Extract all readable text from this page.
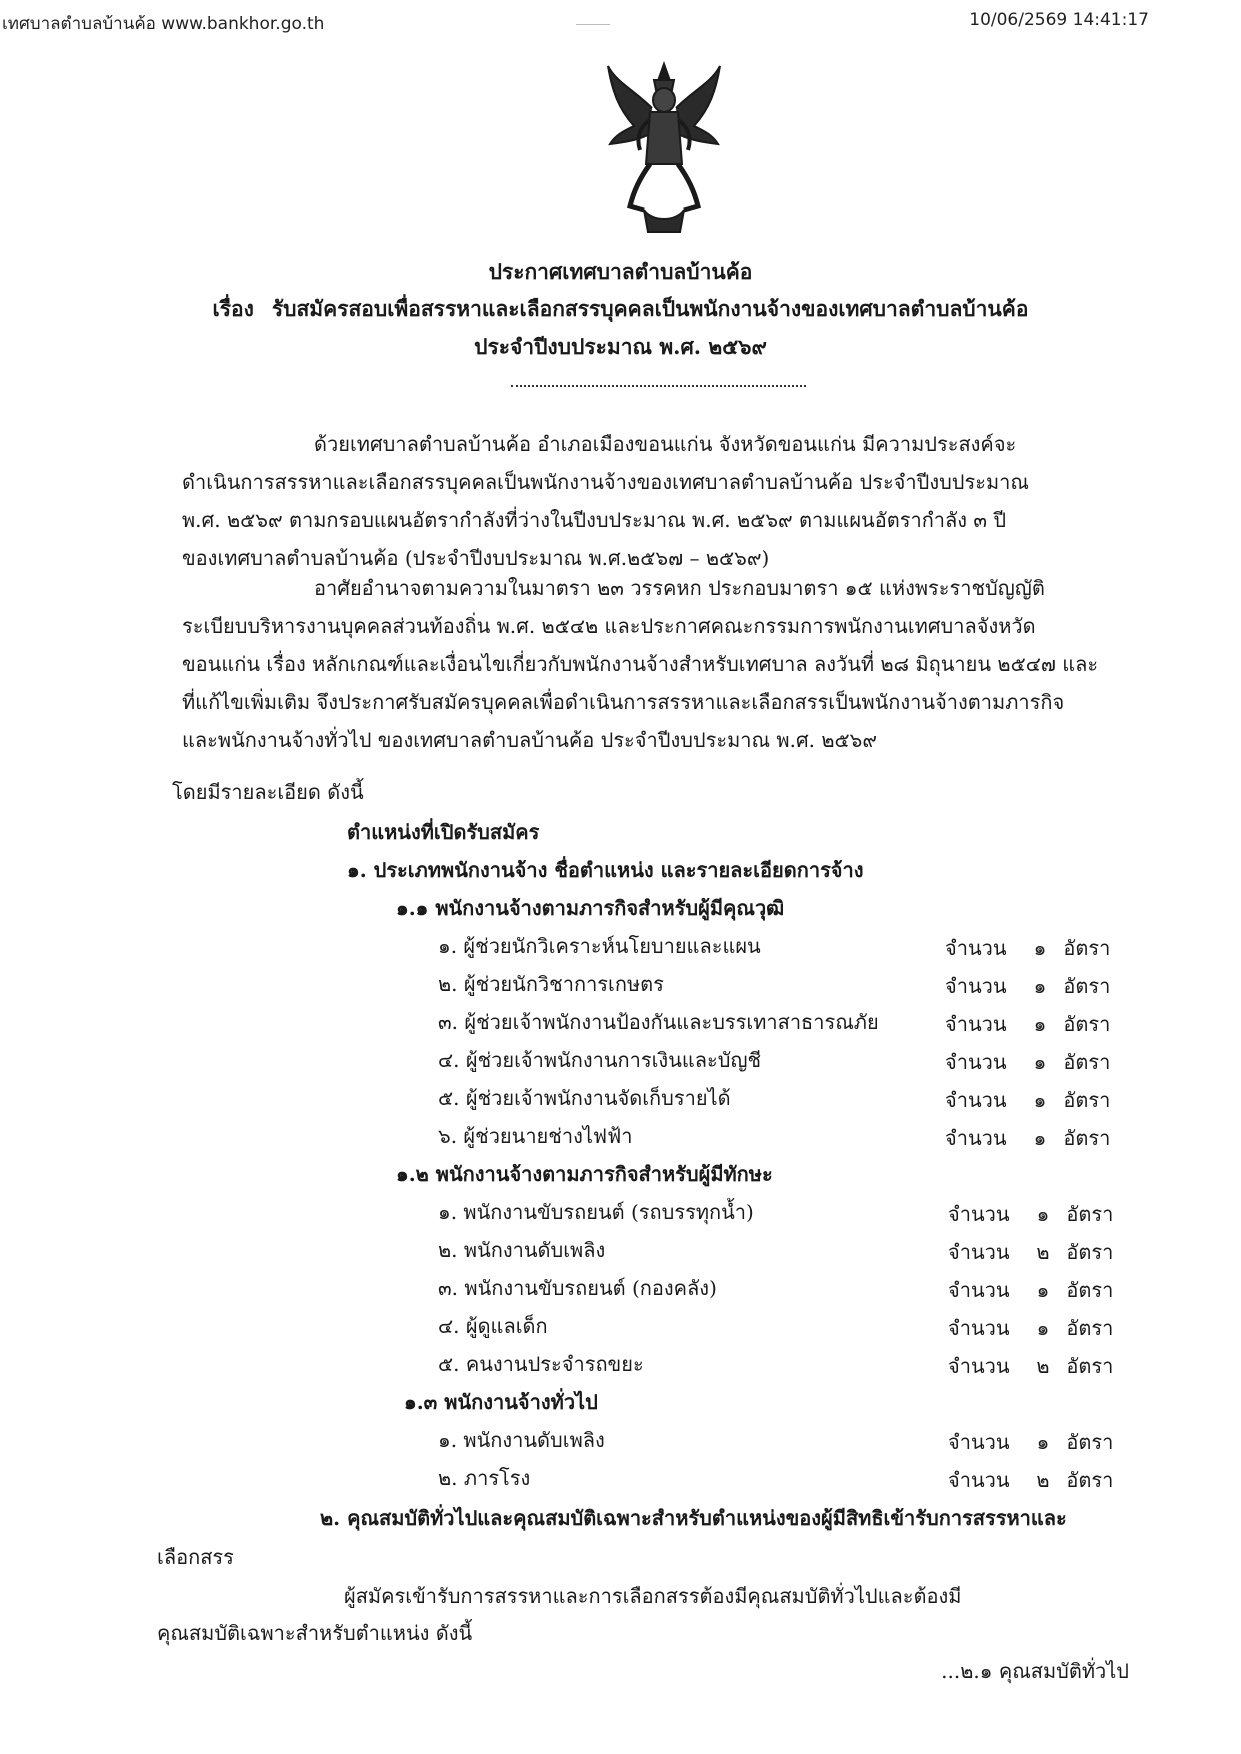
เทศบาลตำบลบ้านค้อ www.bankhor.go.th	10/06/2569 14:41:17
ประกาศเทศบาลตำบลบ้านค้อ
เรื่อง รับสมัครสอบเพื่อสรรหาและเลือกสรรบุคคลเป็นพนักงานจ้างของเทศบาลตำบลบ้านค้อ
ประจำปีงบประมาณ พ.ศ. ๒๕๖๙
ด้วยเทศบาลตำบลบ้านค้อ อำเภอเมืองขอนแก่น จังหวัดขอนแก่น มีความประสงค์จะ
ดำเนินการสรรหาและเลือกสรรบุคคลเป็นพนักงานจ้างของเทศบาลตำบลบ้านค้อ ประจำปีงบประมาณ
พ.ศ. ๒๕๖๙ ตามกรอบแผนอัตรากำลังที่ว่างในปีงบประมาณ พ.ศ. ๒๕๖๙ ตามแผนอัตรากำลัง ๓ ปี
ของเทศบาลตำบลบ้านค้อ (ประจำปีงบประมาณ พ.ศ.๒๕๖๗ – ๒๕๖๙)
อาศัยอำนาจตามความในมาตรา ๒๓ วรรคหก ประกอบมาตรา ๑๕ แห่งพระราชบัญญัติ
ระเบียบบริหารงานบุคคลส่วนท้องถิ่น พ.ศ. ๒๕๔๒ และประกาศคณะกรรมการพนักงานเทศบาลจังหวัด
ขอนแก่น เรื่อง หลักเกณฑ์และเงื่อนไขเกี่ยวกับพนักงานจ้างสำหรับเทศบาล ลงวันที่ ๒๘ มิถุนายน ๒๕๔๗ และ
ที่แก้ไขเพิ่มเติม จึงประกาศรับสมัครบุคคลเพื่อดำเนินการสรรหาและเลือกสรรเป็นพนักงานจ้างตามภารกิจ
และพนักงานจ้างทั่วไป ของเทศบาลตำบลบ้านค้อ ประจำปีงบประมาณ พ.ศ. ๒๕๖๙
โดยมีรายละเอียด ดังนี้
ตำแหน่งที่เปิดรับสมัคร
๑. ประเภทพนักงานจ้าง ชื่อตำแหน่ง และรายละเอียดการจ้าง
๑.๑ พนักงานจ้างตามภารกิจสำหรับผู้มีคุณวุฒิ
๑. ผู้ช่วยนักวิเคราะห์นโยบายและแผน	จำนวน ๑ อัตรา
๒. ผู้ช่วยนักวิชาการเกษตร	จำนวน ๑ อัตรา
๓. ผู้ช่วยเจ้าพนักงานป้องกันและบรรเทาสาธารณภัย	จำนวน ๑ อัตรา
๔. ผู้ช่วยเจ้าพนักงานการเงินและบัญชี	จำนวน ๑ อัตรา
๕. ผู้ช่วยเจ้าพนักงานจัดเก็บรายได้	จำนวน ๑ อัตรา
๖. ผู้ช่วยนายช่างไฟฟ้า	จำนวน ๑ อัตรา
๑.๒ พนักงานจ้างตามภารกิจสำหรับผู้มีทักษะ
๑. พนักงานขับรถยนต์ (รถบรรทุกน้ำ)	จำนวน ๑ อัตรา
๒. พนักงานดับเพลิง	จำนวน ๒ อัตรา
๓. พนักงานขับรถยนต์ (กองคลัง)	จำนวน ๑ อัตรา
๔. ผู้ดูแลเด็ก	จำนวน ๑ อัตรา
๕. คนงานประจำรถขยะ	จำนวน ๒ อัตรา
๑.๓ พนักงานจ้างทั่วไป
๑. พนักงานดับเพลิง	จำนวน ๑ อัตรา
๒. ภารโรง	จำนวน ๒ อัตรา
๒. คุณสมบัติทั่วไปและคุณสมบัติเฉพาะสำหรับตำแหน่งของผู้มีสิทธิเข้ารับการสรรหาและ
เลือกสรร
ผู้สมัครเข้ารับการสรรหาและการเลือกสรรต้องมีคุณสมบัติทั่วไปและต้องมี
คุณสมบัติเฉพาะสำหรับตำแหน่ง ดังนี้
...๒.๑ คุณสมบัติทั่วไป
